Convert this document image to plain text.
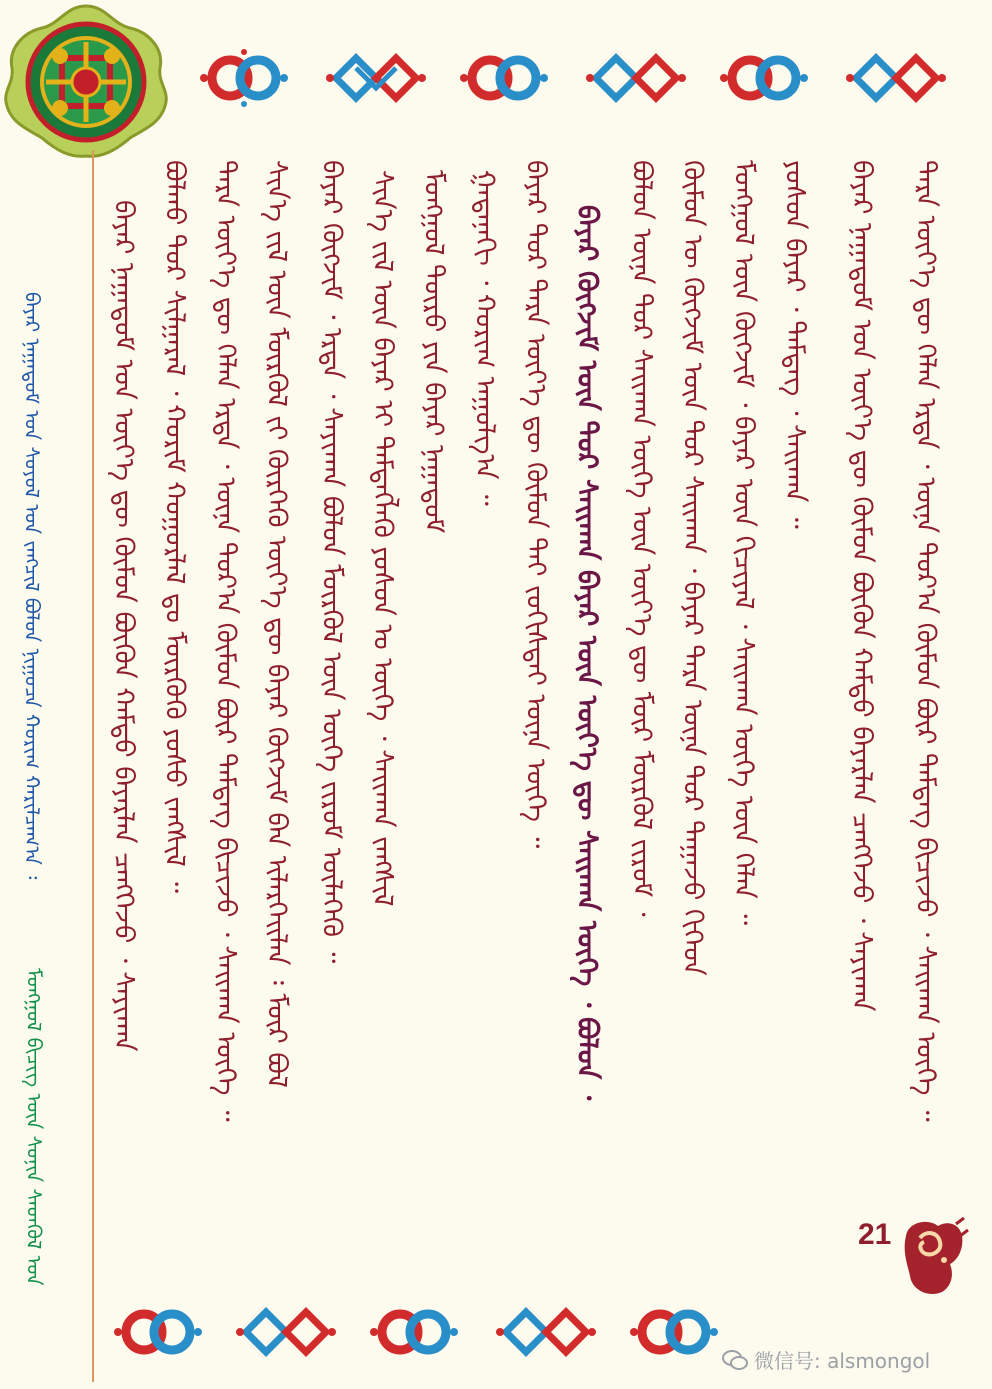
ᠪᠠᠶᠠᠷ ᠨᠠᠭᠠᠳᠤᠮ ᠤᠨ ᠰᠣᠶᠣᠯ ᠤᠨ ᠵᠠᠩᠴᠢᠯ ᠪᠣᠯᠤᠨ ᠨᠢᠭᠤᠴᠠ ᠬᠣᠷᠢᠭ ᠬᠠᠷᠢᠯᠴᠠᠭ᠎ᠠ ᠄
ᠮᠣᠩᠭᠣᠯ ᠪᠢᠴᠢᠭ ᠦᠨ ᠰᠣᠨᠢᠨ ᠰᠡᠳᠬᠦᠯ ᠤᠨ
ᠪᠠᠶᠠᠷ ᠨᠠᠭᠠᠳᠤᠮ ᠤᠨ ᠦᠶ᠎ᠡ ᠳᠦ ᠬᠦᠮᠦᠨ ᠪᠦᠬᠦᠨ ᠬᠠᠮᠲᠤ ᠪᠠᠶᠠᠷᠯᠠᠨ ᠴᠡᠩᠭᠡᠵᠦ ᠂ ᠰᠠᠶᠢᠬᠠᠨ ᠪᠣᠯᠬᠣ ᠳᠤᠷ ᠰᠢᠯᠭᠠᠷᠠᠯ ᠂ ᠬᠤᠷᠢᠮ ᠬᠤᠭᠤᠷᠯᠠᠯ ᠳᠤ ᠮᠥᠷᠭᠥᠬᠦ ᠶᠣᠰᠤ ᠵᠠᠩᠰᠢᠯ ᠃ ᠲᠡᠷᠡ ᠦᠶ᠎ᠡ ᠳᠦ ᠬᠡᠯᠡᠨ ᠡᠷᠲᠡ ᠂ ᠦᠨᠡ ᠳᠤᠷ᠎ᠠ ᠬᠦᠮᠦᠨ ᠪᠦᠷ ᠲᠡᠮᠳᠡᠭ ᠪᠢᠴᠢᠵᠦ ᠂ ᠰᠠᠢᠬᠠᠨ ᠦᠭᠡ ᠃ ᠰᠢᠨ᠎ᠡ ᠵᠢᠯ ᠦᠨ ᠮᠦᠷᠭᠦᠯ ᠵᠢ ᠬᠦᠷᠭᠡᠬᠦ ᠦᠶ᠎ᠡ ᠳᠦ ᠪᠠᠶᠠᠷ ᠬᠥᠭᠵᠢᠮ ᠪᠠᠨ ᠢᠯᠡᠷᠬᠡᠢᠯᠡᠨ ᠄ ᠮᠥᠷ ᠪᠣᠯ ᠪᠠᠶᠠᠷ ᠬᠥᠭᠵᠢᠮ ᠂ ᠡᠷᠲᠡ ᠂ ᠰᠠᠶᠢᠬᠠᠨ ᠪᠣᠯᠤᠨ ᠮᠥᠷᠭᠥᠯ ᠦᠨ ᠦᠭᠡ ᠵᠢᠷᠤᠮ ᠦᠯᠡᠬᠡᠬᠦ ᠃ ᠰᠢᠨ᠎ᠡ ᠵᠢᠯ ᠦᠨ ᠪᠠᠶᠠᠷ ᠢ ᠲᠡᠮᠳᠡᠭᠯᠡᠬᠦ ᠶᠣᠰᠤᠨ ᠤ ᠦᠭᠡ ᠂ ᠰᠠᠢᠬᠠᠨ ᠵᠠᠩᠰᠢᠯ ᠮᠣᠩᠭᠣᠯ ᠲᠥᠷᠥ ᠶᠢᠨ ᠪᠠᠶᠠᠷ ᠨᠠᠭᠠᠳᠤᠮ ᠭᠠᠳᠠᠨᠠᠬᠢ ᠂ ᠬᠣᠷᠢᠭ ᠠᠭᠤᠯᠭ᠎ᠠ ᠃ ᠪᠠᠶᠠᠷ ᠳᠤᠷ ᠲᠡᠷᠡ ᠦᠶ᠎ᠡ ᠳᠦ ᠬᠦᠮᠦᠨ ᠲᠠᠢ ᠵᠣᠬᠢᠰᠲᠠᠢ ᠦᠨᠡ ᠦᠭᠡ ᠃ ᠪᠠᠶᠠᠷ ᠬᠥᠭᠵᠢᠮ ᠦᠨ ᠳᠤᠷ ᠰᠠᠢᠬᠠᠨ ᠪᠠᠶᠠᠷ ᠦᠨ ᠦᠶ᠎ᠡ ᠳᠦ ᠰᠠᠢᠬᠠᠨ ᠦᠭᠡ ᠂ ᠪᠣᠯᠤᠨ ᠂ ᠪᠣᠯᠣᠨ ᠦᠨᠡ ᠳᠤᠷ ᠰᠠᠢᠬᠠᠨ ᠦᠭᠡ ᠦᠨ ᠦᠶ᠎ᠡ ᠳᠦ ᠮᠥᠷ ᠮᠥᠷᠭᠥᠯ ᠵᠢᠷᠤᠮ ᠂ ᠬᠥᠮᠥᠨ ᠦ ᠬᠥᠭᠵᠢᠮ ᠦᠨ ᠳᠤᠷ ᠰᠠᠢᠬᠠᠨ ᠂ ᠪᠠᠶᠠᠷ ᠲᠡᠷᠡ ᠦᠨᠡ ᠳᠤᠷ ᠳᠠᠭᠠᠵᠤ ᠬᠢᠭᠡᠳ ᠮᠣᠩᠭᠣᠯ ᠦᠨ ᠬᠥᠭᠵᠢᠮ ᠂ ᠪᠠᠶᠠᠷ ᠦᠨ ᠬᠢᠴᠢᠶᠡᠯ ᠂ ᠰᠠᠢᠬᠠᠨ ᠦᠭᠡ ᠦᠨ ᠬᠡᠯᠡᠨ ᠃ ᠶᠣᠰᠣᠨ ᠪᠠᠶᠠᠷ ᠂ ᠲᠡᠮᠳᠡᠭ ᠂ ᠰᠠᠢᠬᠠᠨ ᠃ ᠪᠠᠶᠠᠷ ᠨᠠᠭᠠᠳᠤᠮ ᠤᠨ ᠦᠶ᠎ᠡ ᠳᠦ ᠬᠦᠮᠦᠨ ᠪᠦᠬᠦᠨ ᠬᠠᠮᠲᠤ ᠪᠠᠶᠠᠷᠯᠠᠨ ᠴᠡᠩᠭᠡᠵᠦ ᠂ ᠰᠠᠶᠢᠬᠠᠨ ᠲᠡᠷᠡ ᠦᠶ᠎ᠡ ᠳᠦ ᠬᠡᠯᠡᠨ ᠡᠷᠲᠡ ᠂ ᠦᠨᠡ ᠳᠤᠷ᠎ᠠ ᠬᠦᠮᠦᠨ ᠪᠦᠷ ᠲᠡᠮᠳᠡᠭ ᠪᠢᠴᠢᠵᠦ ᠂ ᠰᠠᠢᠬᠠᠨ ᠦᠭᠡ ᠃
21
微信号: alsmongol
